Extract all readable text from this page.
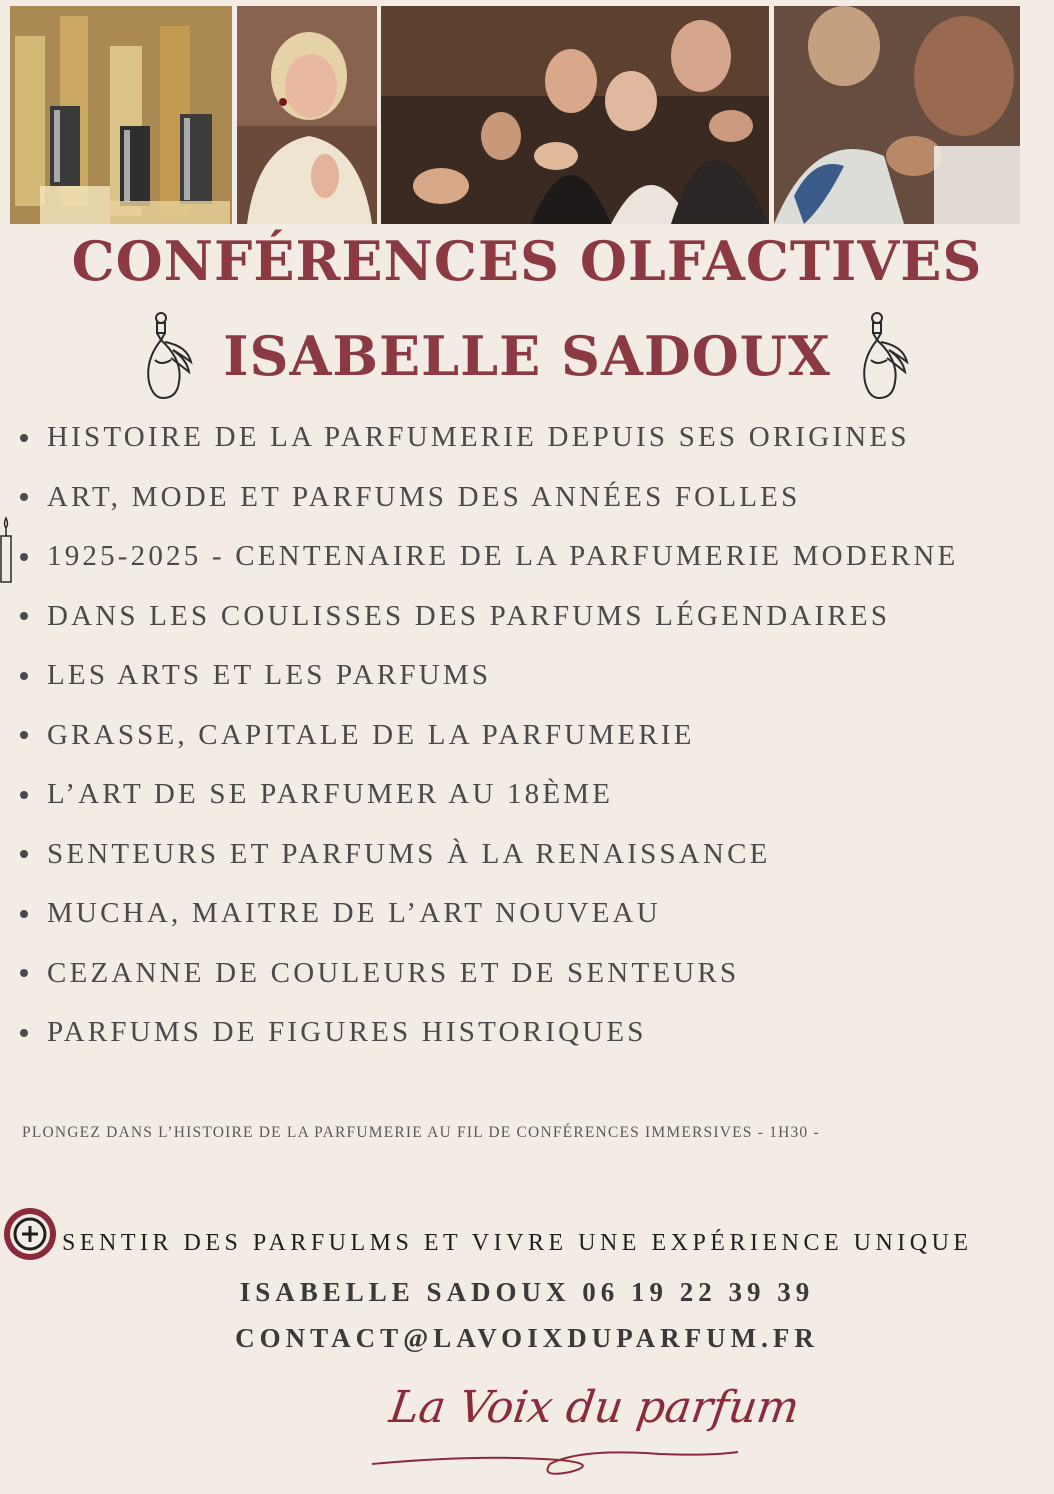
CONFÉRENCES OLFACTIVES
ISABELLE SADOUX
HISTOIRE DE LA PARFUMERIE DEPUIS SES ORIGINES
ART, MODE ET PARFUMS DES ANNÉES FOLLES
1925-2025 - CENTENAIRE DE LA PARFUMERIE MODERNE
DANS LES COULISSES DES PARFUMS LÉGENDAIRES
LES ARTS ET LES PARFUMS
GRASSE, CAPITALE DE LA PARFUMERIE
L’ART DE SE PARFUMER AU 18ÈME
SENTEURS ET PARFUMS À LA RENAISSANCE
MUCHA, MAITRE DE L’ART NOUVEAU
CEZANNE DE COULEURS ET DE SENTEURS
PARFUMS DE FIGURES HISTORIQUES
PLONGEZ DANS L’HISTOIRE DE LA PARFUMERIE AU FIL DE CONFÉRENCES IMMERSIVES - 1H30 -
SENTIR DES PARFULMS ET VIVRE UNE EXPÉRIENCE UNIQUE
ISABELLE SADOUX 06 19 22 39 39
CONTACT@LAVOIXDUPARFUM.FR
La Voix du parfum
